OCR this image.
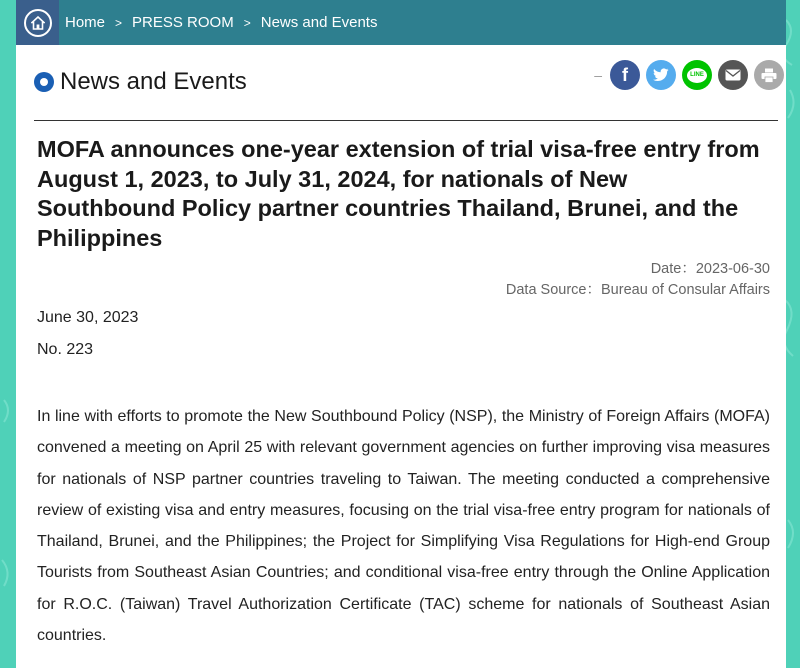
Home > PRESS ROOM > News and Events
News and Events	– f	LINE
MOFA announces one-year extension of trial visa-free entry from August 1, 2023, to July 31, 2024, for nationals of New Southbound Policy partner countries Thailand, Brunei, and the Philippines
Date：2023-06-30
Data Source：Bureau of Consular Affairs
June 30, 2023
No. 223

In line with efforts to promote the New Southbound Policy (NSP), the Ministry of Foreign Affairs (MOFA) convened a meeting on April 25 with relevant government agencies on further improving visa measures for nationals of NSP partner countries traveling to Taiwan. The meeting conducted a comprehensive review of existing visa and entry measures, focusing on the trial visa-free entry program for nationals of Thailand, Brunei, and the Philippines; the Project for Simplifying Visa Regulations for High-end Group Tourists from Southeast Asian Countries; and conditional visa-free entry through the Online Application for R.O.C. (Taiwan) Travel Authorization Certificate (TAC) scheme for nationals of Southeast Asian countries.
